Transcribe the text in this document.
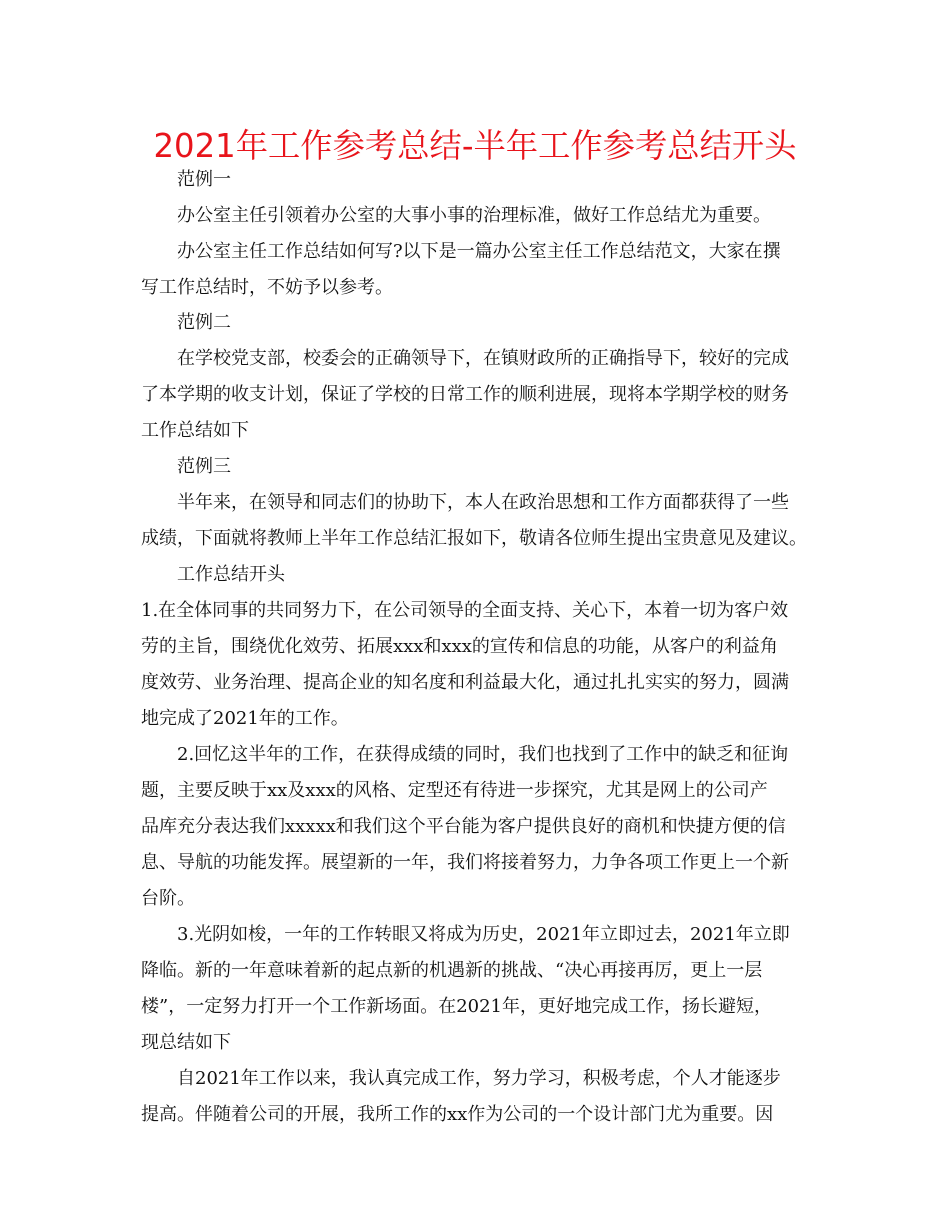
2021年工作参考总结-半年工作参考总结开头
范例一
办公室主任引领着办公室的大事小事的治理标准，做好工作总结尤为重要。
办公室主任工作总结如何写?以下是一篇办公室主任工作总结范文，大家在撰
写工作总结时，不妨予以参考。
范例二
在学校党支部，校委会的正确领导下，在镇财政所的正确指导下，较好的完成
了本学期的收支计划，保证了学校的日常工作的顺利进展，现将本学期学校的财务
工作总结如下
范例三
半年来，在领导和同志们的协助下，本人在政治思想和工作方面都获得了一些
成绩，下面就将教师上半年工作总结汇报如下，敬请各位师生提出宝贵意见及建议。
工作总结开头
1.在全体同事的共同努力下，在公司领导的全面支持、关心下，本着一切为客户效
劳的主旨，围绕优化效劳、拓展xxx和xxx的宣传和信息的功能，从客户的利益角
度效劳、业务治理、提高企业的知名度和利益最大化，通过扎扎实实的努力，圆满
地完成了2021年的工作。
2.回忆这半年的工作，在获得成绩的同时，我们也找到了工作中的缺乏和征询
题，主要反映于xx及xxx的风格、定型还有待进一步探究，尤其是网上的公司产
品库充分表达我们xxxxx和我们这个平台能为客户提供良好的商机和快捷方便的信
息、导航的功能发挥。展望新的一年，我们将接着努力，力争各项工作更上一个新
台阶。
3.光阴如梭，一年的工作转眼又将成为历史，2021年立即过去，2021年立即
降临。新的一年意味着新的起点新的机遇新的挑战、“决心再接再厉，更上一层
楼”，一定努力打开一个工作新场面。在2021年，更好地完成工作，扬长避短，
现总结如下
自2021年工作以来，我认真完成工作，努力学习，积极考虑，个人才能逐步
提高。伴随着公司的开展，我所工作的xx作为公司的一个设计部门尤为重要。因
